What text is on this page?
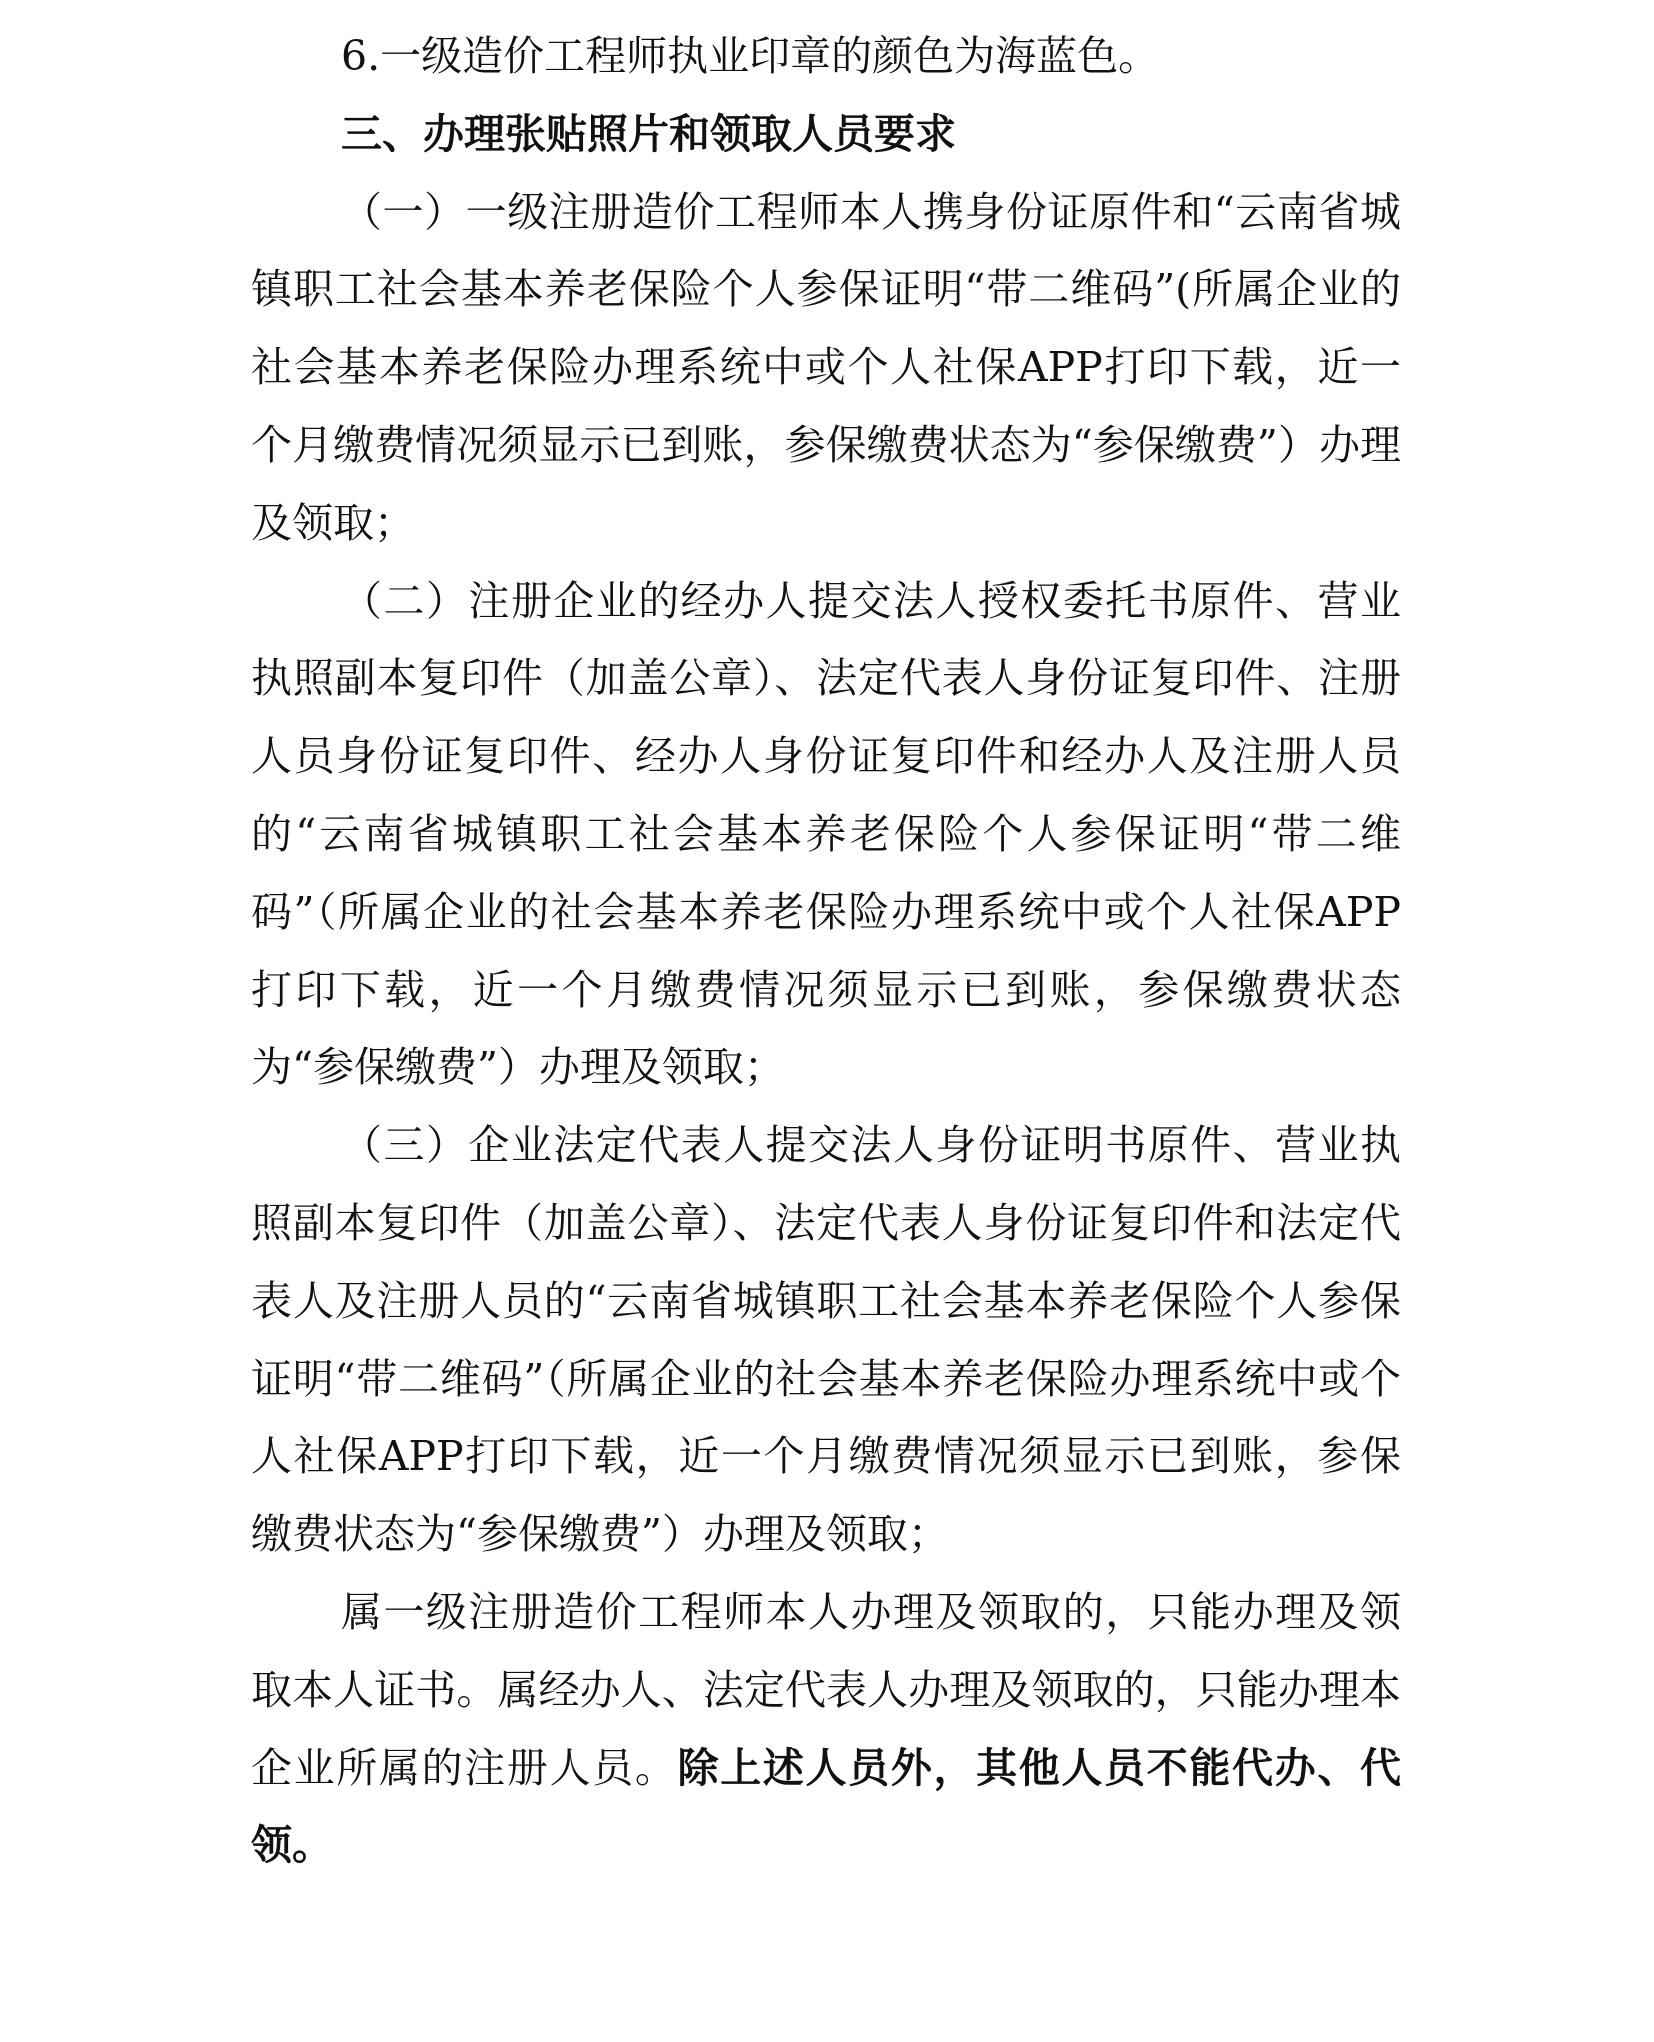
6.一级造价工程师执业印章的颜色为海蓝色。

三、办理张贴照片和领取人员要求

（一）一级注册造价工程师本人携身份证原件和“云南省城镇职工社会基本养老保险个人参保证明“带二维码”(所属企业的社会基本养老保险办理系统中或个人社保APP打印下载，近一个月缴费情况须显示已到账，参保缴费状态为“参保缴费”）办理及领取；

（二）注册企业的经办人提交法人授权委托书原件、营业执照副本复印件（加盖公章）、法定代表人身份证复印件、注册人员身份证复印件、经办人身份证复印件和经办人及注册人员的“云南省城镇职工社会基本养老保险个人参保证明“带二维码”（所属企业的社会基本养老保险办理系统中或个人社保APP打印下载，近一个月缴费情况须显示已到账，参保缴费状态为“参保缴费”）办理及领取；

（三）企业法定代表人提交法人身份证明书原件、营业执照副本复印件（加盖公章）、法定代表人身份证复印件和法定代表人及注册人员的“云南省城镇职工社会基本养老保险个人参保证明“带二维码”（所属企业的社会基本养老保险办理系统中或个人社保APP打印下载，近一个月缴费情况须显示已到账，参保缴费状态为“参保缴费”）办理及领取；

属一级注册造价工程师本人办理及领取的，只能办理及领取本人证书。属经办人、法定代表人办理及领取的，只能办理本企业所属的注册人员。除上述人员外，其他人员不能代办、代领。
